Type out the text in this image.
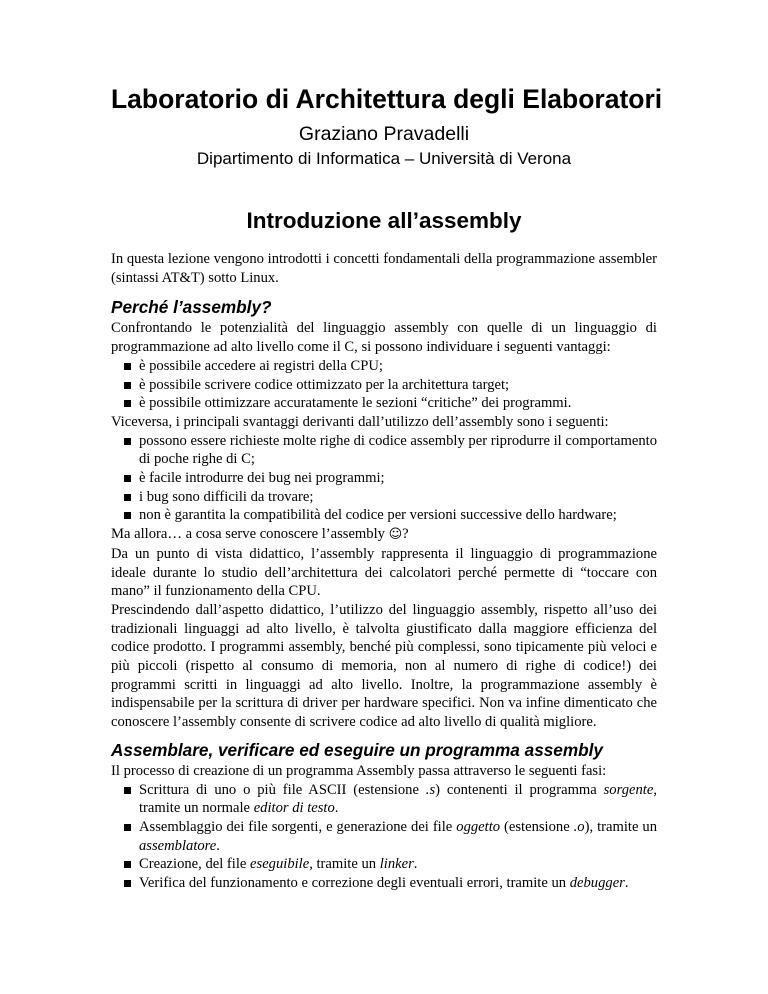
Laboratorio di Architettura degli Elaboratori
Graziano Pravadelli
Dipartimento di Informatica – Università di Verona
Introduzione all’assembly

In questa lezione vengono introdotti i concetti fondamentali della programmazione assembler (sintassi AT&T) sotto Linux.

Perché l’assembly?

Confrontando le potenzialità del linguaggio assembly con quelle di un linguaggio di programmazione ad alto livello come il C, si possono individuare i seguenti vantaggi:

è possibile accedere ai registri della CPU;
è possibile scrivere codice ottimizzato per la architettura target;
è possibile ottimizzare accuratamente le sezioni “critiche” dei programmi.

Viceversa, i principali svantaggi derivanti dall’utilizzo dell’assembly sono i seguenti:

possono essere richieste molte righe di codice assembly per riprodurre il comportamento di poche righe di C;
è facile introdurre dei bug nei programmi;
i bug sono difficili da trovare;
non è garantita la compatibilità del codice per versioni successive dello hardware;

Ma allora… a cosa serve conoscere l’assembly ☺?

Da un punto di vista didattico, l’assembly rappresenta il linguaggio di programmazione ideale durante lo studio dell’architettura dei calcolatori perché permette di “toccare con mano” il funzionamento della CPU.

Prescindendo dall’aspetto didattico, l’utilizzo del linguaggio assembly, rispetto all’uso dei tradizionali linguaggi ad alto livello, è talvolta giustificato dalla maggiore efficienza del codice prodotto. I programmi assembly, benché più complessi, sono tipicamente più veloci e più piccoli (rispetto al consumo di memoria, non al numero di righe di codice!) dei programmi scritti in linguaggi ad alto livello. Inoltre, la programmazione assembly è indispensabile per la scrittura di driver per hardware specifici. Non va infine dimenticato che conoscere l’assembly consente di scrivere codice ad alto livello di qualità migliore.

Assemblare, verificare ed eseguire un programma assembly

Il processo di creazione di un programma Assembly passa attraverso le seguenti fasi:

Scrittura di uno o più file ASCII (estensione .s) contenenti il programma sorgente, tramite un normale editor di testo.
Assemblaggio dei file sorgenti, e generazione dei file oggetto (estensione .o), tramite un assemblatore.
Creazione, del file eseguibile, tramite un linker.
Verifica del funzionamento e correzione degli eventuali errori, tramite un debugger.
